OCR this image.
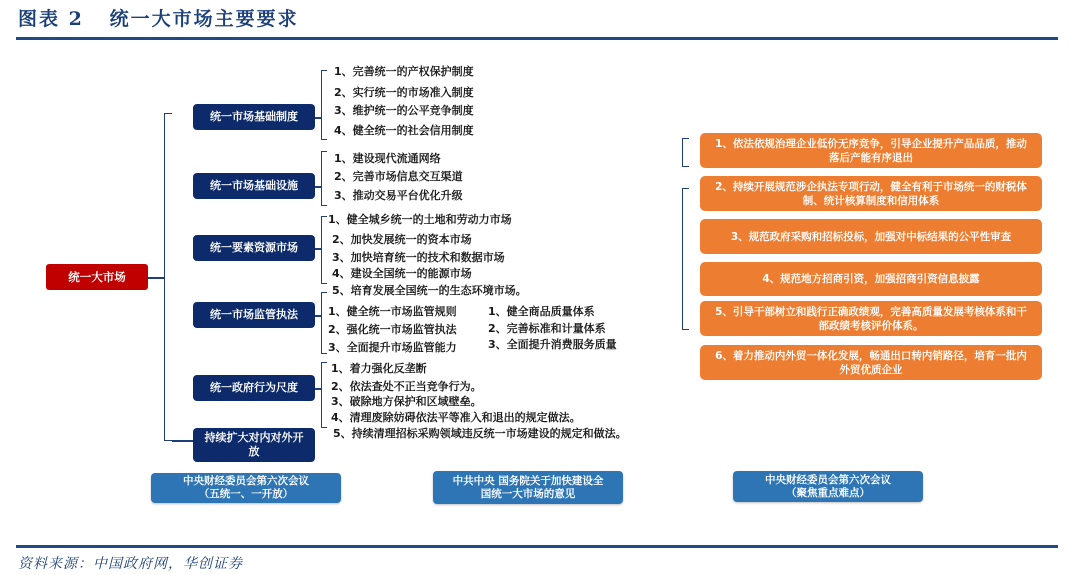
图表 2   统一大市场主要要求
统一大市场
统一市场基础制度
1、完善统一的产权保护制度
2、实行统一的市场准入制度
3、维护统一的公平竞争制度
4、健全统一的社会信用制度
统一市场基础设施
1、建设现代流通网络
2、完善市场信息交互渠道
3、推动交易平台优化升级
统一要素资源市场
1、健全城乡统一的土地和劳动力市场
2、加快发展统一的资本市场
3、加快培育统一的技术和数据市场
4、建设全国统一的能源市场
5、培育发展全国统一的生态环境市场。
统一市场监管执法	1、健全统一市场监管规则
2、强化统一市场监管执法
3、全面提升市场监管能力
1、健全商品质量体系
2、完善标准和计量体系
3、全面提升消费服务质量
统一政府行为尺度
1、着力强化反垄断
2、依法查处不正当竞争行为。
3、破除地方保护和区域壁垒。
4、清理废除妨碍依法平等准入和退出的规定做法。
5、持续清理招标采购领域违反统一市场建设的规定和做法。
持续扩大对内对外开放
1、依法依规治理企业低价无序竞争，引导企业提升产品品质，推动落后产能有序退出
2、持续开展规范涉企执法专项行动，健全有利于市场统一的财税体制、统计核算制度和信用体系
3、规范政府采购和招标投标，加强对中标结果的公平性审查
4、规范地方招商引资，加强招商引资信息披露
5、引导干部树立和践行正确政绩观，完善高质量发展考核体系和干部政绩考核评价体系。
6、着力推动内外贸一体化发展，畅通出口转内销路径，培育一批内外贸优质企业
中央财经委员会第六次会议
（五统一、一开放）
中共中央 国务院关于加快建设全
国统一大市场的意见
中央财经委员会第六次会议
（聚焦重点难点）
资料来源：中国政府网，华创证券
